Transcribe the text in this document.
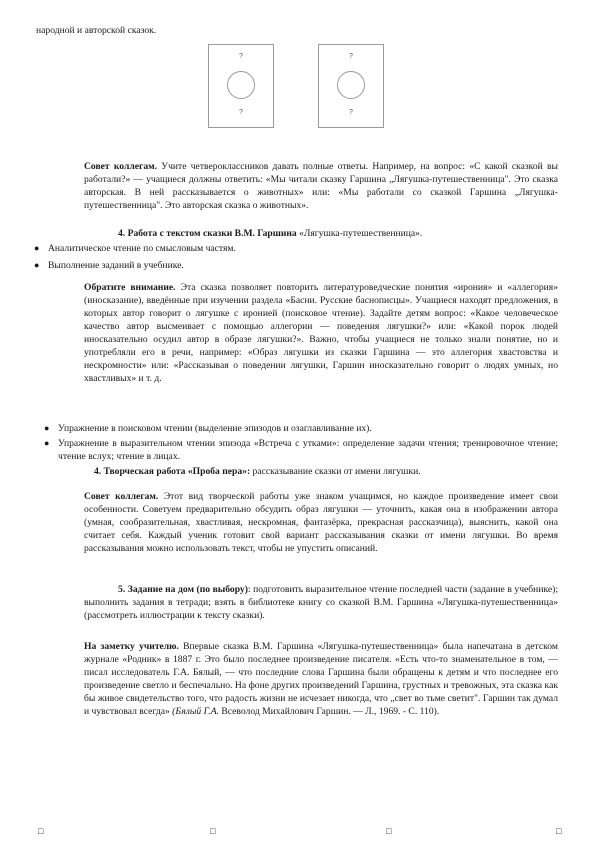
народной и авторской сказок.
?
?
?
?
Совет коллегам. Учите четвероклассников давать полные ответы. Например, на вопрос: «С какой сказкой вы работали?» — учащиеся должны ответить: «Мы читали сказку Гаршина „Лягушка-путешественница". Это сказка авторская. В ней рассказывается о животных» или: «Мы работали со сказкой Гаршина „Лягушка-путешественница". Это авторская сказка о животных».
4. Работа с текстом сказки В.М. Гаршина «Лягушка-путешественница».
● Аналитическое чтение по смысловым частям.
● Выполнение заданий в учебнике.
Обратите внимание. Эта сказка позволяет повторить литературоведческие понятия «ирония» и «аллегория» (иносказание), введённые при изучении раздела «Басни. Русские баснописцы». Учащиеся находят предложения, в которых автор говорит о лягушке с иронией (поисковое чтение). Задайте детям вопрос: «Какое человеческое качество автор высмеивает с помощью аллегории — поведения лягушки?» или: «Какой порок людей иносказательно осудил автор в образе лягушки?». Важно, чтобы учащиеся не только знали понятие, но и употребляли его в речи, например: «Образ лягушки из сказки Гаршина — это аллегория хвастовства и нескромности» или: «Рассказывая о поведении лягушки, Гаршин иносказательно говорит о людях умных, но хвастливых» и т. д.
● Упражнение в поисковом чтении (выделение эпизодов и озаглавливание их).
● Упражнение в выразительном чтении эпизода «Встреча с утками»: определение задачи чтения; тренировочное чтение; чтение вслух; чтение в лицах.
4. Творческая работа «Проба пера»: рассказывание сказки от имени лягушки.
Совет коллегам. Этот вид творческой работы уже знаком учащимся, но каждое произведение имеет свои особенности. Советуем предварительно обсудить образ лягушки — уточнить, какая она в изображении автора (умная, сообразительная, хвастливая, нескромная, фантазёрка, прекрасная рассказчица), выяснить, какой она считает себя. Каждый ученик готовит свой вариант рассказывания сказки от имени лягушки. Во время рассказывания можно использовать текст, чтобы не упустить описаний.
5. Задание на дом (по выбору): подготовить выразительное чтение последней части (задание в учебнике); выполнить задания в тетради; взять в библиотеке книгу со сказкой В.М. Гаршина «Лягушка-путешественница» (рассмотреть иллюстрации к тексту сказки).
На заметку учителю. Впервые сказка В.М. Гаршина «Лягушка-путешественница» была напечатана в детском журнале «Родник» в 1887 г. Это было последнее произведение писателя. «Есть что-то знаменательное в том, — писал исследователь Г.А. Бялый, — что последние слова Гаршина были обращены к детям и что последнее его произведение светло и беспечально. На фоне других произведений Гаршина, грустных и тревожных, эта сказка как бы живое свидетельство того, что радость жизни не исчезает никогда, что „свет во тьме светит". Гаршин так думал и чувствовал всегда» (Бялый Г.А. Всеволод Михайлович Гаршин. — Л., 1969. - С. 110).
□	□	□	□
